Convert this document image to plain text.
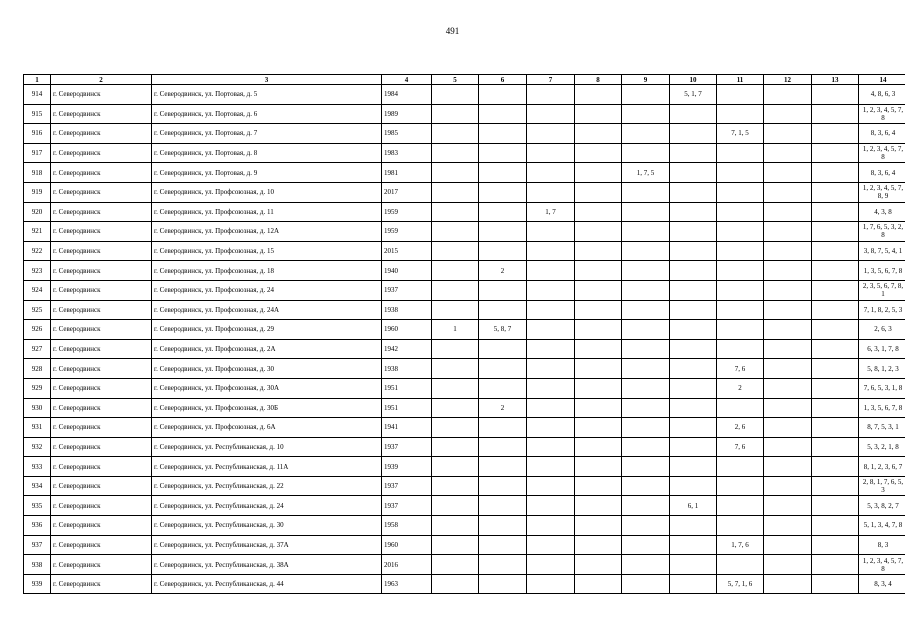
491
1	2	3	4	5	6	7	8	9	10	11	12	13	14
914	г. Северодвинск	г. Северодвинск, ул. Портовая, д. 5	1984						5, 1, 7				4, 8, 6, 3
915	г. Северодвинск	г. Северодвинск, ул. Портовая, д. 6	1989										1, 2, 3, 4, 5, 7, 8
916	г. Северодвинск	г. Северодвинск, ул. Портовая, д. 7	1985							7, 1, 5			8, 3, 6, 4
917	г. Северодвинск	г. Северодвинск, ул. Портовая, д. 8	1983										1, 2, 3, 4, 5, 7, 8
918	г. Северодвинск	г. Северодвинск, ул. Портовая, д. 9	1981					1, 7, 5					8, 3, 6, 4
919	г. Северодвинск	г. Северодвинск, ул. Профсоюзная, д. 10	2017										1, 2, 3, 4, 5, 7, 8, 9
920	г. Северодвинск	г. Северодвинск, ул. Профсоюзная, д. 11	1959			1, 7							4, 3, 8
921	г. Северодвинск	г. Северодвинск, ул. Профсоюзная, д. 12А	1959										1, 7, 6, 5, 3, 2, 8
922	г. Северодвинск	г. Северодвинск, ул. Профсоюзная, д. 15	2015										3, 8, 7, 5, 4, 1
923	г. Северодвинск	г. Северодвинск, ул. Профсоюзная, д. 18	1940		2								1, 3, 5, 6, 7, 8
924	г. Северодвинск	г. Северодвинск, ул. Профсоюзная, д. 24	1937										2, 3, 5, 6, 7, 8, 1
925	г. Северодвинск	г. Северодвинск, ул. Профсоюзная, д. 24А	1938										7, 1, 8, 2, 5, 3
926	г. Северодвинск	г. Северодвинск, ул. Профсоюзная, д. 29	1960	1	5, 8, 7								2, 6, 3
927	г. Северодвинск	г. Северодвинск, ул. Профсоюзная, д. 2А	1942										6, 3, 1, 7, 8
928	г. Северодвинск	г. Северодвинск, ул. Профсоюзная, д. 30	1938							7, 6			5, 8, 1, 2, 3
929	г. Северодвинск	г. Северодвинск, ул. Профсоюзная, д. 30А	1951							2			7, 6, 5, 3, 1, 8
930	г. Северодвинск	г. Северодвинск, ул. Профсоюзная, д. 30Б	1951		2								1, 3, 5, 6, 7, 8
931	г. Северодвинск	г. Северодвинск, ул. Профсоюзная, д. 6А	1941							2, 6			8, 7, 5, 3, 1
932	г. Северодвинск	г. Северодвинск, ул. Республиканская, д. 10	1937							7, 6			5, 3, 2, 1, 8
933	г. Северодвинск	г. Северодвинск, ул. Республиканская, д. 11А	1939										8, 1, 2, 3, 6, 7
934	г. Северодвинск	г. Северодвинск, ул. Республиканская, д. 22	1937										2, 8, 1, 7, 6, 5, 3
935	г. Северодвинск	г. Северодвинск, ул. Республиканская, д. 24	1937						6, 1				5, 3, 8, 2, 7
936	г. Северодвинск	г. Северодвинск, ул. Республиканская, д. 30	1958										5, 1, 3, 4, 7, 8
937	г. Северодвинск	г. Северодвинск, ул. Республиканская, д. 37А	1960							1, 7, 6			8, 3
938	г. Северодвинск	г. Северодвинск, ул. Республиканская, д. 38А	2016										1, 2, 3, 4, 5, 7, 8
939	г. Северодвинск	г. Северодвинск, ул. Республиканская, д. 44	1963							5, 7, 1, 6			8, 3, 4
